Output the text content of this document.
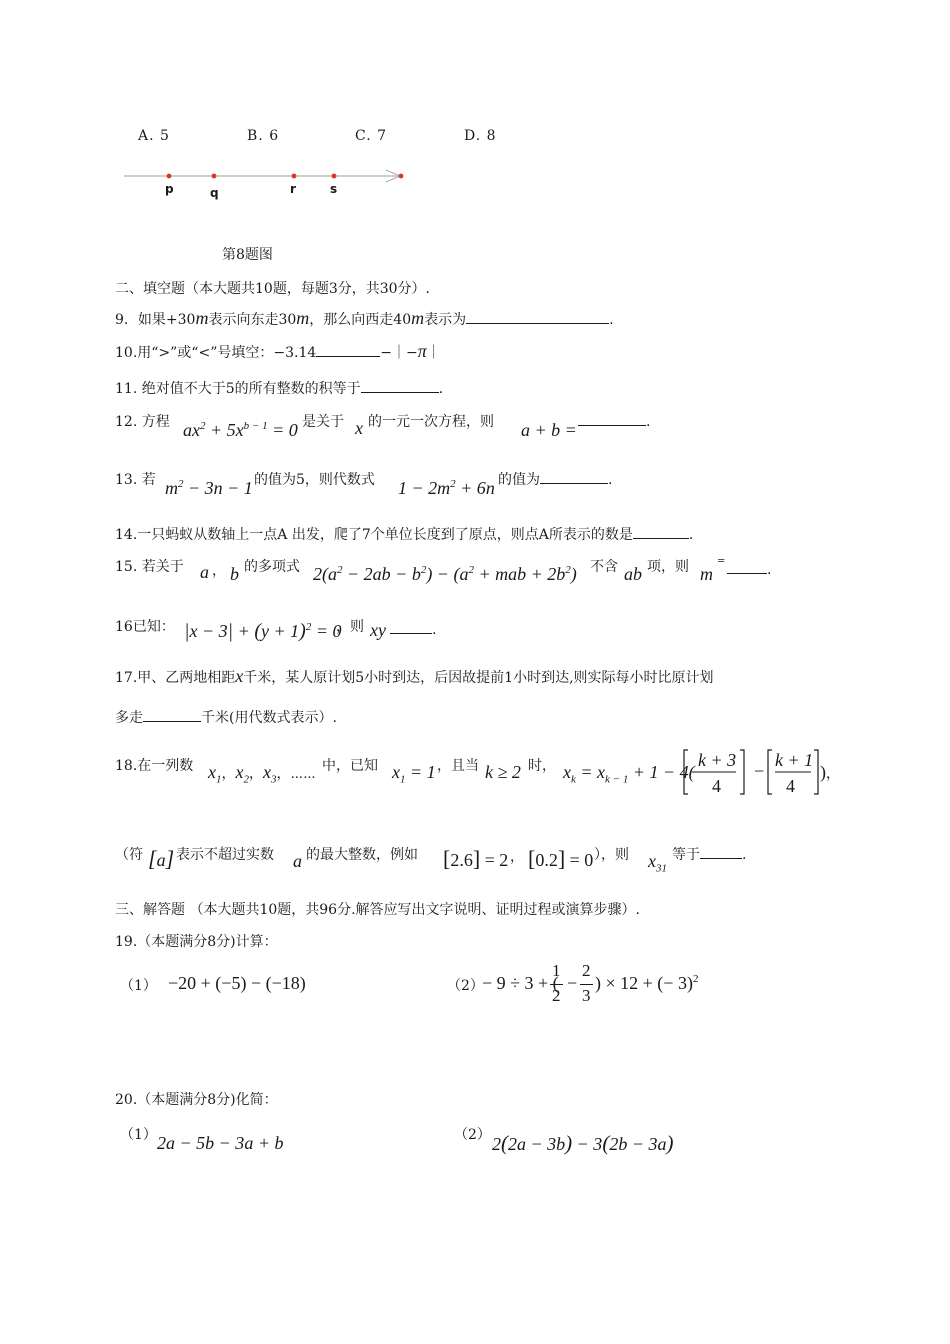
A. 5	B. 6	C. 7	D. 8
p	q	r	s
第8题图
二、填空题（本大题共10题，每题3分，共30分）.
9．如果+30m表示向东走30m，那么向西走40m表示为	.
10.用“>”或“<”号填空：−3.14	−｜−π｜
11. 绝对值不大于5的所有整数的积等于	.
12. 方程 $ax^2 + 5x^{b - 1} = 0$ 是关于 x 的一元一次方程，则 a + b =	.
13. 若 $m^2 - 3n - 1$ 的值为5，则代数式 $1 - 2m^2 + 6n$ 的值为	.
14.一只蚂蚁从数轴上一点A 出发，爬了7个单位长度到了原点，则点A所表示的数是	.
15. 若关于 a ， b 的多项式 $2(a^2 - 2ab - b^2) - (a^2$ + mab + $2b^2$) 不含 ab 项，则 m
=
.
16已知： $|x - 3| + (y + 1)^2 = 0$
，则 xy	.
17.甲、乙两地相距x千米，某人原计划5小时到达，后因故提前1小时到达,则实际每小时比原计划
多走	千米(用代数式表示）.
18.在一列数 $x_1$，$x_2$，$x_3$，⋯⋯
中，已知 $x_1 = 1$ ，且当 k ≥ 2 时， $x_k = x_{k - 1} + 1 - 4$(	−
k + 3
4
k + 1
4
)，
（符 [a] 表示不超过实数 a 的最大整数，例如 [2.6] = 2 ， [0.2] = 0 ），则 $x_{31}$
等于	.
三、解答题 （本大题共10题，共96分.解答应写出文字说明、证明过程或演算步骤）.
19.（本题满分8分)计算：
（1） −20 + (−5) − (−18)	（2）
− 9 ÷ 3 + (
1
2
−
2
3
) × 12 + (− 3)$^2$
20.（本题满分8分)化简：
（1） 2a − 5b − 3a + b	（2） 2(2a − 3b) − 3(2b − 3a)
